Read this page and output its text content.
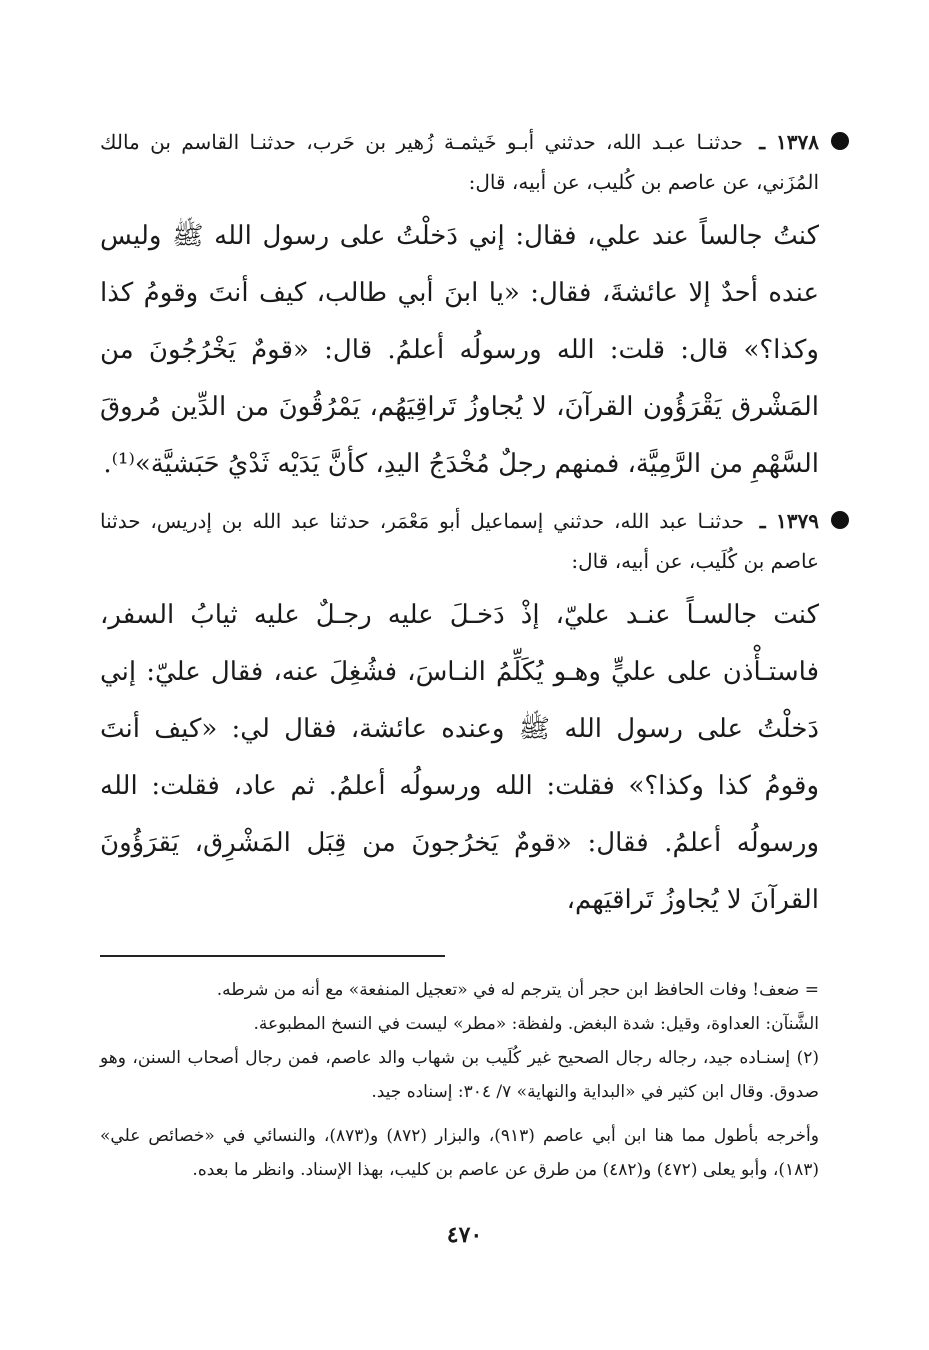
١٣٧٨ ـ حدثنـا عبـد الله، حدثني أبـو خَيثمـة زُهير بن حَرب، حدثنـا القاسم بن مالك المُزَني، عن عاصم بن كُليب، عن أبيه، قال:
كنتُ جالساً عند علي، فقال: إني دَخلْتُ على رسول الله ﷺ وليس عنده أحدٌ إلا عائشةَ، فقال: «يا ابنَ أبي طالب، كيف أنتَ وقومُ كذا وكذا؟» قال: قلت: الله ورسولُه أعلمُ. قال: «قومٌ يَخْرُجُونَ من المَشْرق يَقْرَؤُون القرآنَ، لا يُجاوزُ تَراقِيَهُم، يَمْرُقُونَ من الدِّين مُروقَ السَّهْمِ من الرَّمِيَّة، فمنهم رجلٌ مُخْدَجُ اليدِ، كأنَّ يَدَيْه ثَدْيُ حَبَشيَّة»⁽¹⁾.
١٣٧٩ ـ حدثنـا عبد الله، حدثني إسماعيل أبو مَعْمَر، حدثنا عبد الله بن إدريس، حدثنا عاصم بن كُلَيب، عن أبيه، قال:
كنت جالسـاً عنـد عليّ، إذْ دَخـلَ عليه رجـلٌ عليه ثيابُ السفر، فاستـأْذن على عليٍّ وهـو يُكَلِّمُ النـاسَ، فشُغِلَ عنه، فقال عليّ: إني دَخلْتُ على رسول الله ﷺ وعنده عائشة، فقال لي: «كيف أنتَ وقومُ كذا وكذا؟» فقلت: الله ورسولُه أعلمُ. ثم عاد، فقلت: الله ورسولُه أعلمُ. فقال: «قومٌ يَخرُجونَ من قِبَل المَشْرِق، يَقرَؤُونَ القرآنَ لا يُجاوزُ تَراقيَهم،

= ضعف! وفات الحافظ ابن حجر أن يترجم له في «تعجيل المنفعة» مع أنه من شرطه.

الشَّنآن: العداوة، وقيل: شدة البغض. ولفظة: «مطر» ليست في النسخ المطبوعة.

(٢) إسنـاده جيد، رجاله رجال الصحيح غير كُلَيب بن شهاب والد عاصم، فمن رجال أصحاب السنن، وهو صدوق. وقال ابن كثير في «البداية والنهاية» ٧/ ٣٠٤: إسناده جيد.

وأخرجه بأطول مما هنا ابن أبي عاصم (٩١٣)، والبزار (٨٧٢) و(٨٧٣)، والنسائي في «خصائص علي» (١٨٣)، وأبو يعلى (٤٧٢) و(٤٨٢) من طرق عن عاصم بن كليب، بهذا الإسناد. وانظر ما بعده.

٤٧٠
